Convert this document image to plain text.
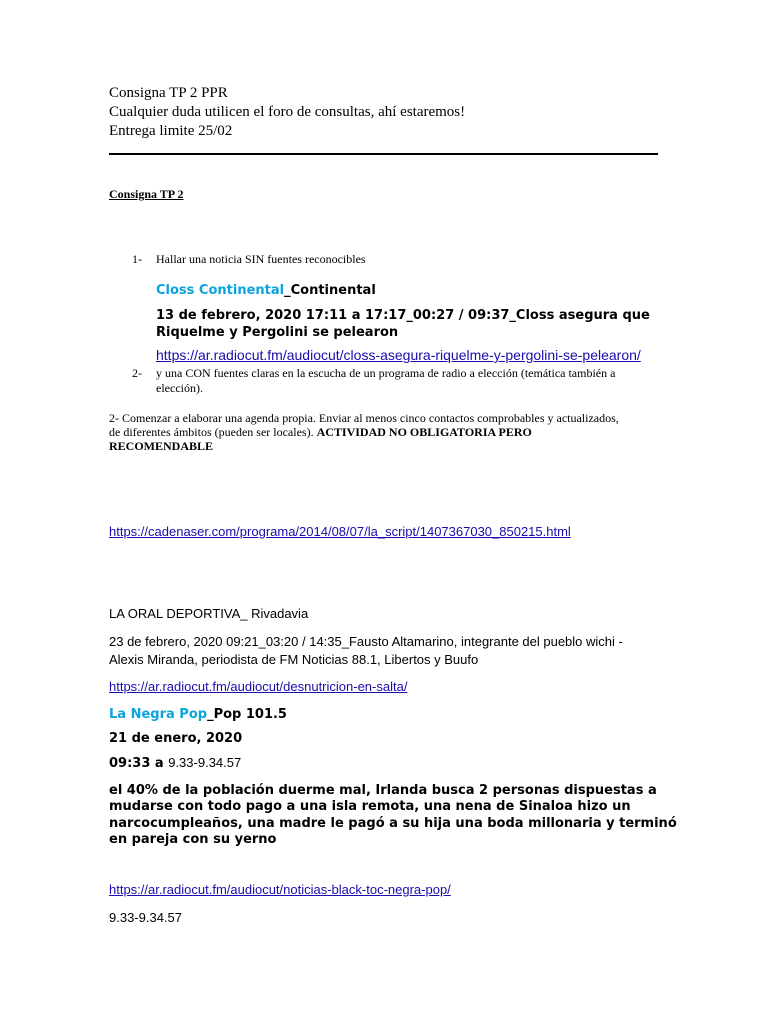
Consigna TP 2 PPR
Cualquier duda utilicen el foro de consultas, ahí estaremos!
Entrega limite 25/02
Consigna TP 2
1- Hallar una noticia SIN fuentes reconocibles
Closs Continental_Continental
13 de febrero, 2020 17:11 a 17:17_00:27 / 09:37_Closs asegura que
Riquelme y Pergolini se pelearon
https://ar.radiocut.fm/audiocut/closs-asegura-riquelme-y-pergolini-se-pelearon/
2- y una CON fuentes claras en la escucha de un programa de radio a elección (temática también a
elección).
2- Comenzar a elaborar una agenda propia. Enviar al menos cinco contactos comprobables y actualizados,
de diferentes ámbitos (pueden ser locales). ACTIVIDAD NO OBLIGATORIA PERO
RECOMENDABLE
https://cadenaser.com/programa/2014/08/07/la_script/1407367030_850215.html
LA ORAL DEPORTIVA_ Rivadavia
23 de febrero, 2020 09:21_03:20 / 14:35_Fausto Altamarino, integrante del pueblo wichi -
Alexis Miranda, periodista de FM Noticias 88.1, Libertos y Buufo
https://ar.radiocut.fm/audiocut/desnutricion-en-salta/
La Negra Pop_Pop 101.5
21 de enero, 2020
09:33 a 9.33-9.34.57
el 40% de la población duerme mal, Irlanda busca 2 personas dispuestas a
mudarse con todo pago a una isla remota, una nena de Sinaloa hizo un
narcocumpleaños, una madre le pagó a su hija una boda millonaria y terminó
en pareja con su yerno
https://ar.radiocut.fm/audiocut/noticias-black-toc-negra-pop/
9.33-9.34.57
